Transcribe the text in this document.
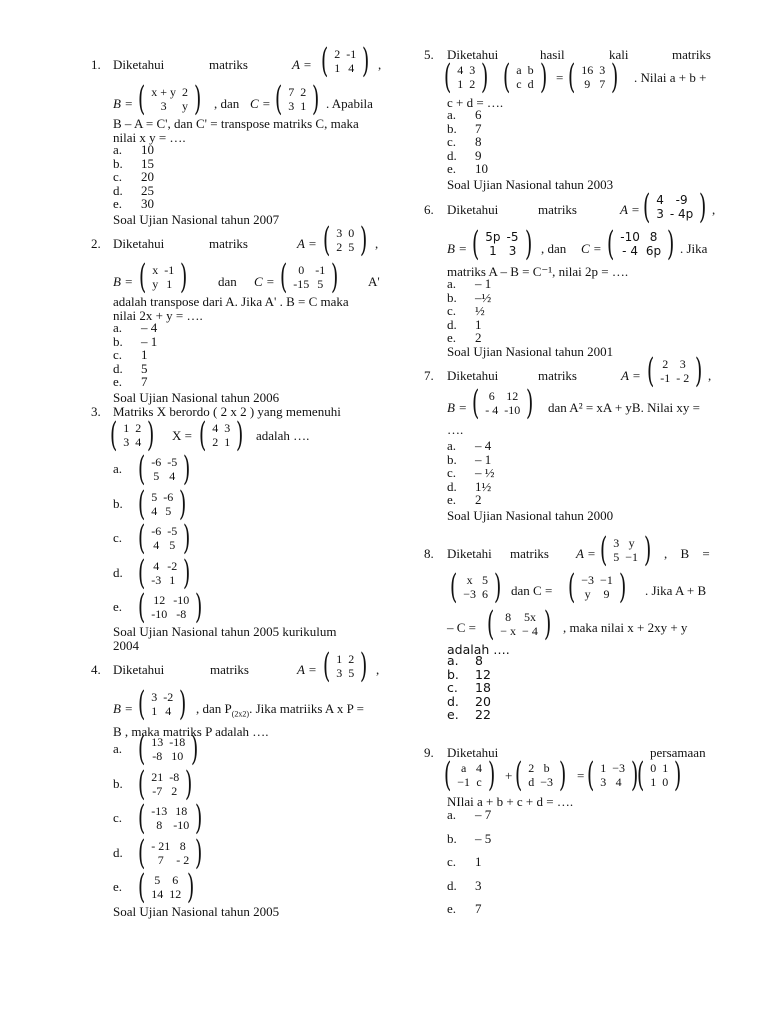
1. Diketahui	matriks	A = ( 2	-1
1	4 ) ,
B = ( x + y	2
3	y ) , dan C = ( 7	2
3	1 ) . Apabila
B – A = C', dan C' = transpose matriks C, maka
nilai x y = ….
a. 10
b. 15
c. 20
d. 25
e. 30
Soal Ujian Nasional tahun 2007
2. Diketahui	matriks	A = ( 3	0
2	5 ) ,
B = ( x	-1
y	1 ) dan C = ( 0	-1
-15	5 ) A'
adalah transpose dari A. Jika A' . B = C maka
nilai 2x + y = ….
a. – 4
b. – 1
c. 1
d. 5
e. 7
Soal Ujian Nasional tahun 2006
3. Matriks X berordo ( 2 x 2 ) yang memenuhi
( 1	2
3	4 ) X = ( 4	3
2	1 ) adalah ….
a. ( -6	-5
5	4 )
b. ( 5	-6
4	5 )
c. ( -6	-5
4	5 )
d. ( 4	-2
-3	1 )
e. ( 12	-10
-10	-8 )
Soal Ujian Nasional tahun 2005 kurikulum
2004
4. Diketahui	matriks	A = ( 1	2
3	5 ) ,
B = ( 3	-2
1	4 ) , dan $P_{(2x2)}$. Jika matriiks A x P =
B , maka matriks P adalah ….
a. ( 13	-18
-8	10 )
b. ( 21	-8
-7	2 )
c. ( -13	18
8	-10 )
d. ( - 21	8
7	- 2 )
e. ( 5	6
14	12 )
Soal Ujian Nasional tahun 2005
5. Diketahui	hasil	kali	matriks
( 4	3
1	2 ) ( a	b
c	d ) = ( 16	3
9	7 ) . Nilai a + b +
c + d = ….
a. 6
b. 7
c. 8
d. 9
e. 10
Soal Ujian Nasional tahun 2003
6. Diketahui	matriks	A = ( 4	-9
3	- 4p ) ,
B = ( 5p	-5
1	3 ) , dan C = ( -10	8
- 4	6p ) . Jika
matriks A – B = C⁻¹, nilai 2p = ….
a. – 1
b. –½
c. ½
d. 1
e. 2
Soal Ujian Nasional tahun 2001
7. Diketahui	matriks	A = ( 2	3
-1	- 2 ) ,
B = ( 6	12
- 4	-10 ) dan A² = xA + yB. Nilai xy =
….
a. – 4
b. – 1
c. – ½
d. 1½
e. 2
Soal Ujian Nasional tahun 2000
8. Diketahi matriks A = ( 3	y
5	−1 ) , B =
( x	5
−3	6 ) dan C = ( −3	−1
y	9 ) . Jika A + B
– C = ( 8	5x
− x	− 4 ) , maka nilai x + 2xy + y
adalah ….
a. 8
b. 12
c. 18
d. 20
e. 22
9. Diketahui	persamaan
( a	4
−1	c ) + ( 2	b
d	−3 ) = ( 1	−3
3	4 )
( 0	1
1	0 )
NIlai a + b + c + d = ….
a. – 7
b. – 5
c. 1
d. 3
e. 7
